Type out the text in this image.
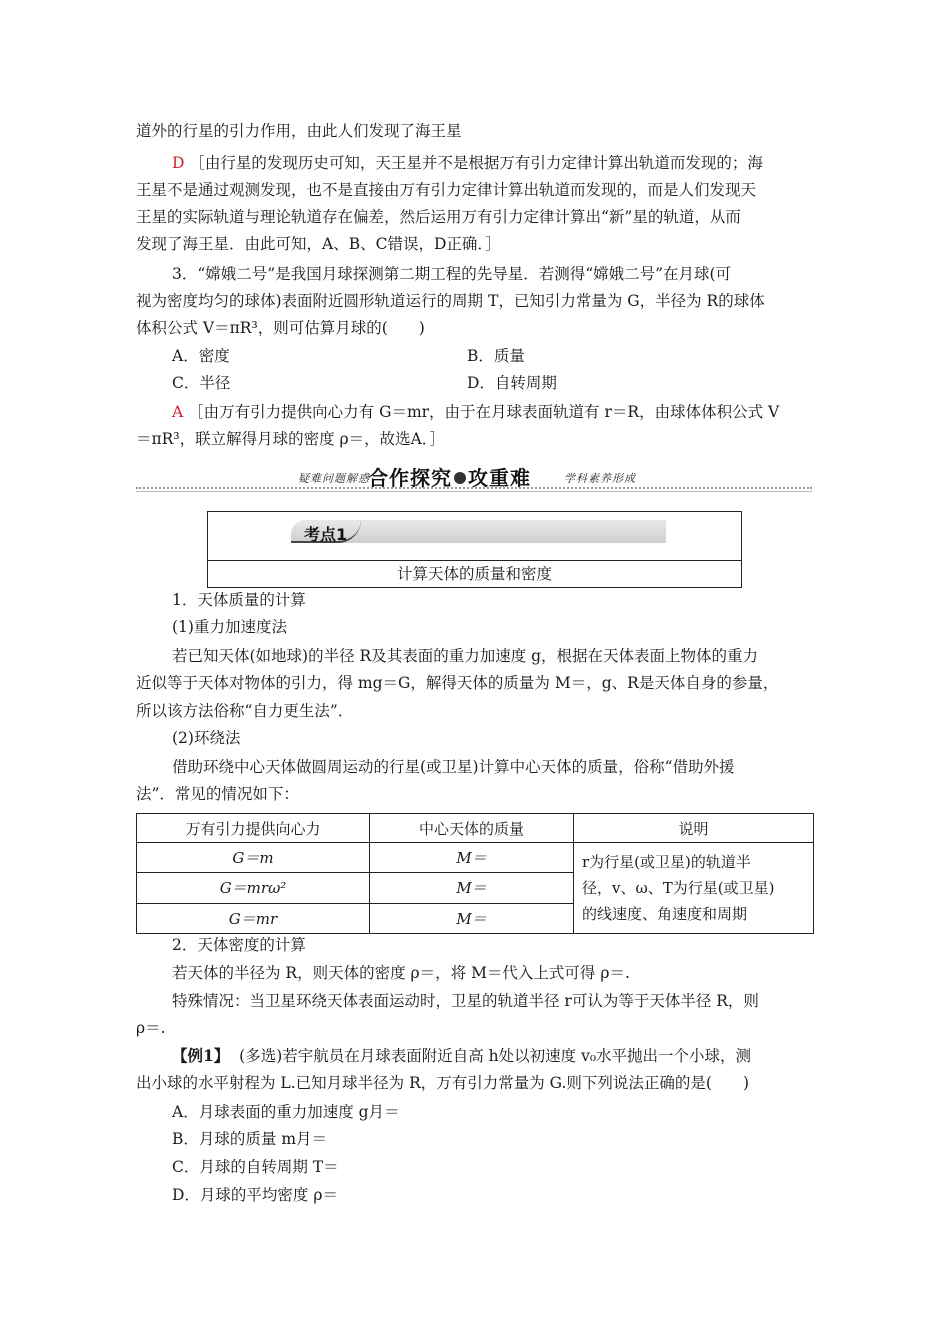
道外的行星的引力作用，由此人们发现了海王星
D ［由行星的发现历史可知，天王星并不是根据万有引力定律计算出轨道而发现的；海
王星不是通过观测发现，也不是直接由万有引力定律计算出轨道而发现的，而是人们发现天
王星的实际轨道与理论轨道存在偏差，然后运用万有引力定律计算出“新”星的轨道，从而
发现了海王星．由此可知，A、B、C错误，D正确．］
3．“嫦娥二号”是我国月球探测第二期工程的先导星．若测得“嫦娥二号”在月球(可
视为密度均匀的球体)表面附近圆形轨道运行的周期 T，已知引力常量为 G，半径为 R的球体
体积公式 V＝πR³，则可估算月球的(　　)
A．密度	B．质量
C．半径	D．自转周期
A ［由万有引力提供向心力有 G＝mr，由于在月球表面轨道有 r＝R，由球体体积公式 V
＝πR³，联立解得月球的密度 ρ＝，故选A．］
疑难问题解惑
合作探究 攻重难	学科素养形成
考点1
计算天体的质量和密度
1．天体质量的计算
(1)重力加速度法
若已知天体(如地球)的半径 R及其表面的重力加速度 g，根据在天体表面上物体的重力
近似等于天体对物体的引力，得 mg＝G，解得天体的质量为 M＝，g、R是天体自身的参量，
所以该方法俗称“自力更生法”．
(2)环绕法
借助环绕中心天体做圆周运动的行星(或卫星)计算中心天体的质量，俗称“借助外援
法”．常见的情况如下：
万有引力提供向心力	中心天体的质量	说明
G＝m	M＝	r为行星(或卫星)的轨道半
径，v、ω、T为行星(或卫星)
的线速度、角速度和周期

G＝mrω²	M＝	
G＝mr	M＝	
2．天体密度的计算
若天体的半径为 R，则天体的密度 ρ＝，将 M＝代入上式可得 ρ＝.
特殊情况：当卫星环绕天体表面运动时，卫星的轨道半径 r可认为等于天体半径 R，则
ρ＝.
【例1】 (多选)若宇航员在月球表面附近自高 h处以初速度 v₀水平抛出一个小球，测
出小球的水平射程为 L.已知月球半径为 R，万有引力常量为 G.则下列说法正确的是(　　)
A．月球表面的重力加速度 g月＝
B．月球的质量 m月＝
C．月球的自转周期 T＝
D．月球的平均密度 ρ＝
